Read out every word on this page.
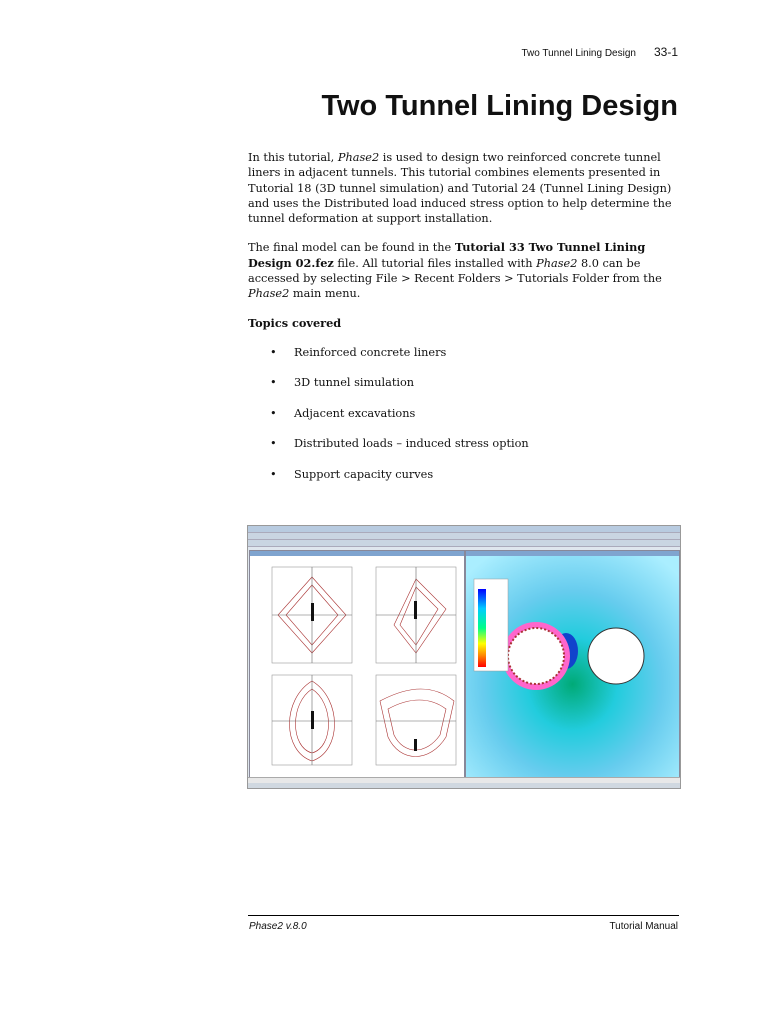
Two Tunnel Lining Design 33-1
Two Tunnel Lining Design

In this tutorial, Phase2 is used to design two reinforced concrete tunnel liners in adjacent tunnels. This tutorial combines elements presented in Tutorial 18 (3D tunnel simulation) and Tutorial 24 (Tunnel Lining Design) and uses the Distributed load induced stress option to help determine the tunnel deformation at support installation.

The final model can be found in the Tutorial 33 Two Tunnel Lining Design 02.fez file. All tutorial files installed with Phase2 8.0 can be accessed by selecting File > Recent Folders > Tutorials Folder from the Phase2 main menu.

Topics covered

• Reinforced concrete liners
• 3D tunnel simulation
• Adjacent excavations
• Distributed loads – induced stress option
• Support capacity curves
Phase2 v.8.0	Tutorial Manual
